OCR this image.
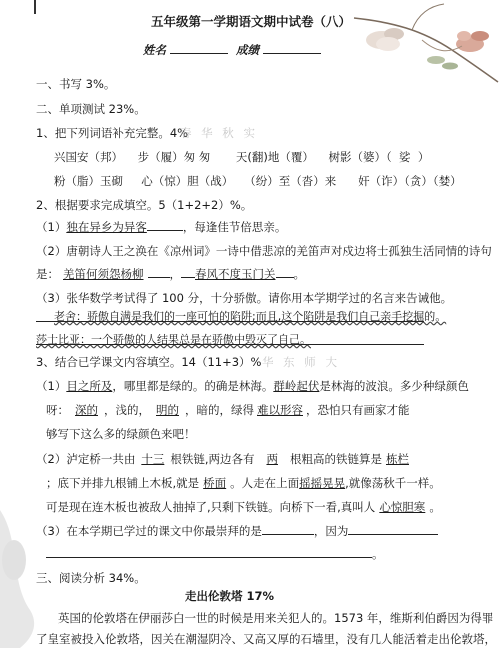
五年级第一学期语文期中试卷（八）
姓名	成绩
一、书写 3%。
二、单项测试 23%。
1、把下列词语补充完整。4%
春 华 秋 实
兴国安（邦）    步（履）匆 匆       天(翻)地（覆）    树影（婆）（  娑  ）
粉（脂）玉砌     心（惊）胆（战）   （纷）至（沓）来      奸（诈）（贪）（婪）
2、根据要求完成填空。5（1+2+2）%。
（1）独在异乡为异客	，每逢佳节倍思亲。
（2）唐朝诗人王之涣在《凉州词》一诗中借悲凉的羌笛声对戍边将士孤独生活同情的诗句
是： 羌笛何须怨杨柳 ， 春风不度玉门关 。
（3）张华数学考试得了 100 分，十分骄傲。请你用本学期学过的名言来告诫他。
老舍：骄傲自满是我们的一座可怕的陷阱;而且,这个陷阱是我们自己亲手挖掘的。
莎士比亚：一个骄傲的人结果总是在骄傲中毁灭了自己。
3、结合已学课文内容填空。14（11+3）% 华 东 师 大
（1）目之所及，哪里都是绿的。的确是林海。群岭起伏是林海的波浪。多少种绿颜色
呀： 深的 ，浅的， 明的 ，暗的，绿得 难以形容 ，恐怕只有画家才能
够写下这么多的绿颜色来吧！
（2）泸定桥一共由 十三 根铁链,两边各有 两 根粗高的铁链算是 栋栏
；底下并排九根铺上木板,就是 桥面 。人走在上面摇摇晃晃,就像荡秋千一样。
可是现在连木板也被敌人抽掉了,只剩下铁链。向桥下一看,真叫人 心惊胆寒 。
（3）在本学期已学过的课文中你最崇拜的是	，因为
。
三、阅读分析 34%。
走出伦敦塔 17%
英国的伦敦塔在伊丽莎白一世的时候是用来关犯人的。1573 年，维斯利伯爵因为得罪
了皇室被投入伦敦塔，因关在潮湿阴冷、又高又厚的石墙里，没有几人能活着走出伦敦塔，
